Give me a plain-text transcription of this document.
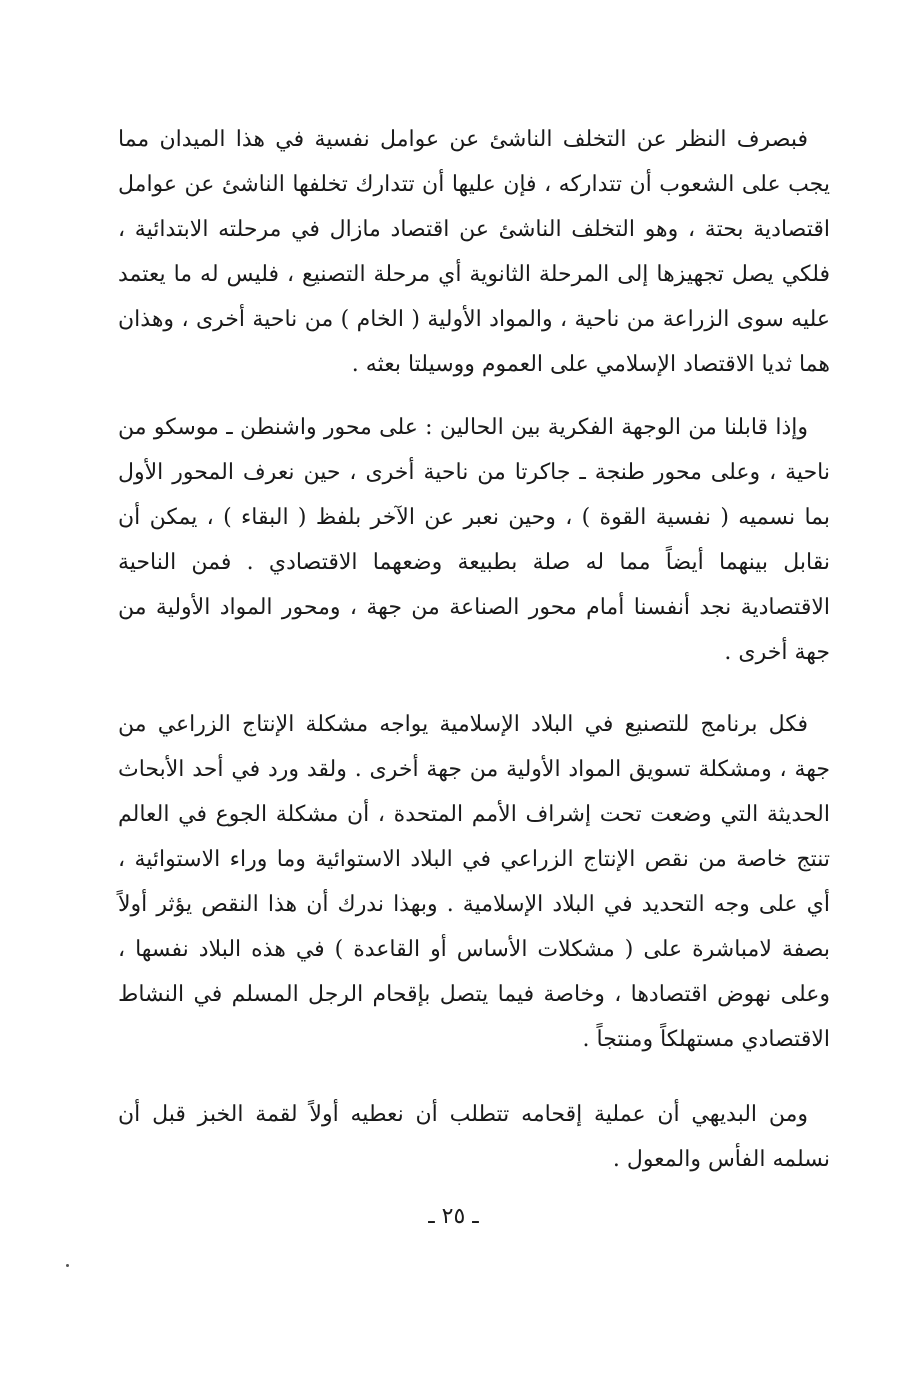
فبصرف النظر عن التخلف الناشئ عن عوامل نفسية في هذا الميدان مما يجب على الشعوب أن تتداركه ، فإن عليها أن تتدارك تخلفها الناشئ عن عوامل اقتصادية بحتة ، وهو التخلف الناشئ عن اقتصاد مازال في مرحلته الابتدائية ، فلكي يصل تجهيزها إلى المرحلة الثانوية أي مرحلة التصنيع ، فليس له ما يعتمد عليه سوى الزراعة من ناحية ، والمواد الأولية ( الخام ) من ناحية أخرى ، وهذان هما ثديا الاقتصاد الإسلامي على العموم ووسيلتا بعثه .

وإذا قابلنا من الوجهة الفكرية بين الحالين : على محور واشنطن ـ موسكو من ناحية ، وعلى محور طنجة ـ جاكرتا من ناحية أخرى ، حين نعرف المحور الأول بما نسميه ( نفسية القوة ) ، وحين نعبر عن الآخر بلفظ ( البقاء ) ، يمكن أن نقابل بينهما أيضاً مما له صلة بطبيعة وضعهما الاقتصادي . فمن الناحية الاقتصادية نجد أنفسنا أمام محور الصناعة من جهة ، ومحور المواد الأولية من جهة أخرى .

فكل برنامج للتصنيع في البلاد الإسلامية يواجه مشكلة الإنتاج الزراعي من جهة ، ومشكلة تسويق المواد الأولية من جهة أخرى . ولقد ورد في أحد الأبحاث الحديثة التي وضعت تحت إشراف الأمم المتحدة ، أن مشكلة الجوع في العالم تنتج خاصة من نقص الإنتاج الزراعي في البلاد الاستوائية وما وراء الاستوائية ، أي على وجه التحديد في البلاد الإسلامية . وبهذا ندرك أن هذا النقص يؤثر أولاً بصفة لامباشرة على ( مشكلات الأساس أو القاعدة ) في هذه البلاد نفسها ، وعلى نهوض اقتصادها ، وخاصة فيما يتصل بإقحام الرجل المسلم في النشاط الاقتصادي مستهلكاً ومنتجاً .

ومن البديهي أن عملية إقحامه تتطلب أن نعطيه أولاً لقمة الخبز قبل أن نسلمه الفأس والمعول .

ـ ٢٥ ـ
